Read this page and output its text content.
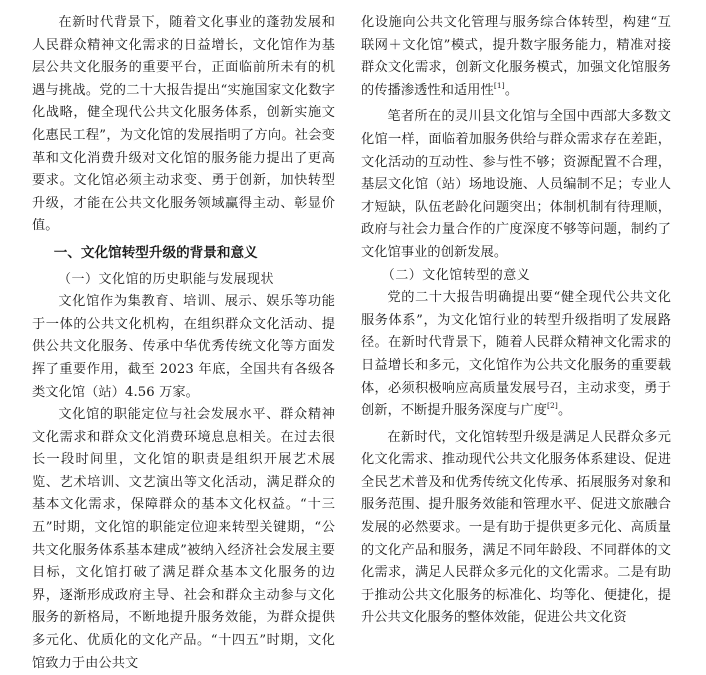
在新时代背景下，随着文化事业的蓬勃发展和人民群众精神文化需求的日益增长，文化馆作为基层公共文化服务的重要平台，正面临前所未有的机遇与挑战。党的二十大报告提出“实施国家文化数字化战略，健全现代公共文化服务体系，创新实施文化惠民工程”，为文化馆的发展指明了方向。社会变革和文化消费升级对文化馆的服务能力提出了更高要求。文化馆必须主动求变、勇于创新，加快转型升级，才能在公共文化服务领域赢得主动、彰显价值。

一、文化馆转型升级的背景和意义
（一）文化馆的历史职能与发展现状

文化馆作为集教育、培训、展示、娱乐等功能于一体的公共文化机构，在组织群众文化活动、提供公共文化服务、传承中华优秀传统文化等方面发挥了重要作用，截至 2023 年底，全国共有各级各类文化馆（站）4.56 万家。

文化馆的职能定位与社会发展水平、群众精神文化需求和群众文化消费环境息息相关。在过去很长一段时间里，文化馆的职责是组织开展艺术展览、艺术培训、文艺演出等文化活动，满足群众的基本文化需求，保障群众的基本文化权益。“十三五”时期，文化馆的职能定位迎来转型关键期，“公共文化服务体系基本建成”被纳入经济社会发展主要目标，文化馆打破了满足群众基本文化服务的边界，逐渐形成政府主导、社会和群众主动参与文化服务的新格局，不断地提升服务效能，为群众提供多元化、优质化的文化产品。“十四五”时期，文化馆致力于由公共文

化设施向公共文化管理与服务综合体转型，构建“互联网＋文化馆”模式，提升数字服务能力，精准对接群众文化需求，创新文化服务模式，加强文化馆服务的传播渗透性和适用性[1]。

笔者所在的灵川县文化馆与全国中西部大多数文化馆一样，面临着加服务供给与群众需求存在差距，文化活动的互动性、参与性不够；资源配置不合理，基层文化馆（站）场地设施、人员编制不足；专业人才短缺，队伍老龄化问题突出；体制机制有待理顺，政府与社会力量合作的广度深度不够等问题，制约了文化馆事业的创新发展。

（二）文化馆转型的意义

党的二十大报告明确提出要“健全现代公共文化服务体系”，为文化馆行业的转型升级指明了发展路径。在新时代背景下，随着人民群众精神文化需求的日益增长和多元，文化馆作为公共文化服务的重要载体，必须积极响应高质量发展号召，主动求变，勇于创新，不断提升服务深度与广度[2]。

在新时代，文化馆转型升级是满足人民群众多元化文化需求、推动现代公共文化服务体系建设、促进全民艺术普及和优秀传统文化传承、拓展服务对象和服务范围、提升服务效能和管理水平、促进文旅融合发展的必然要求。一是有助于提供更多元化、高质量的文化产品和服务，满足不同年龄段、不同群体的文化需求，满足人民群众多元化的文化需求。二是有助于推动公共文化服务的标准化、均等化、便捷化，提升公共文化服务的整体效能，促进公共文化资
